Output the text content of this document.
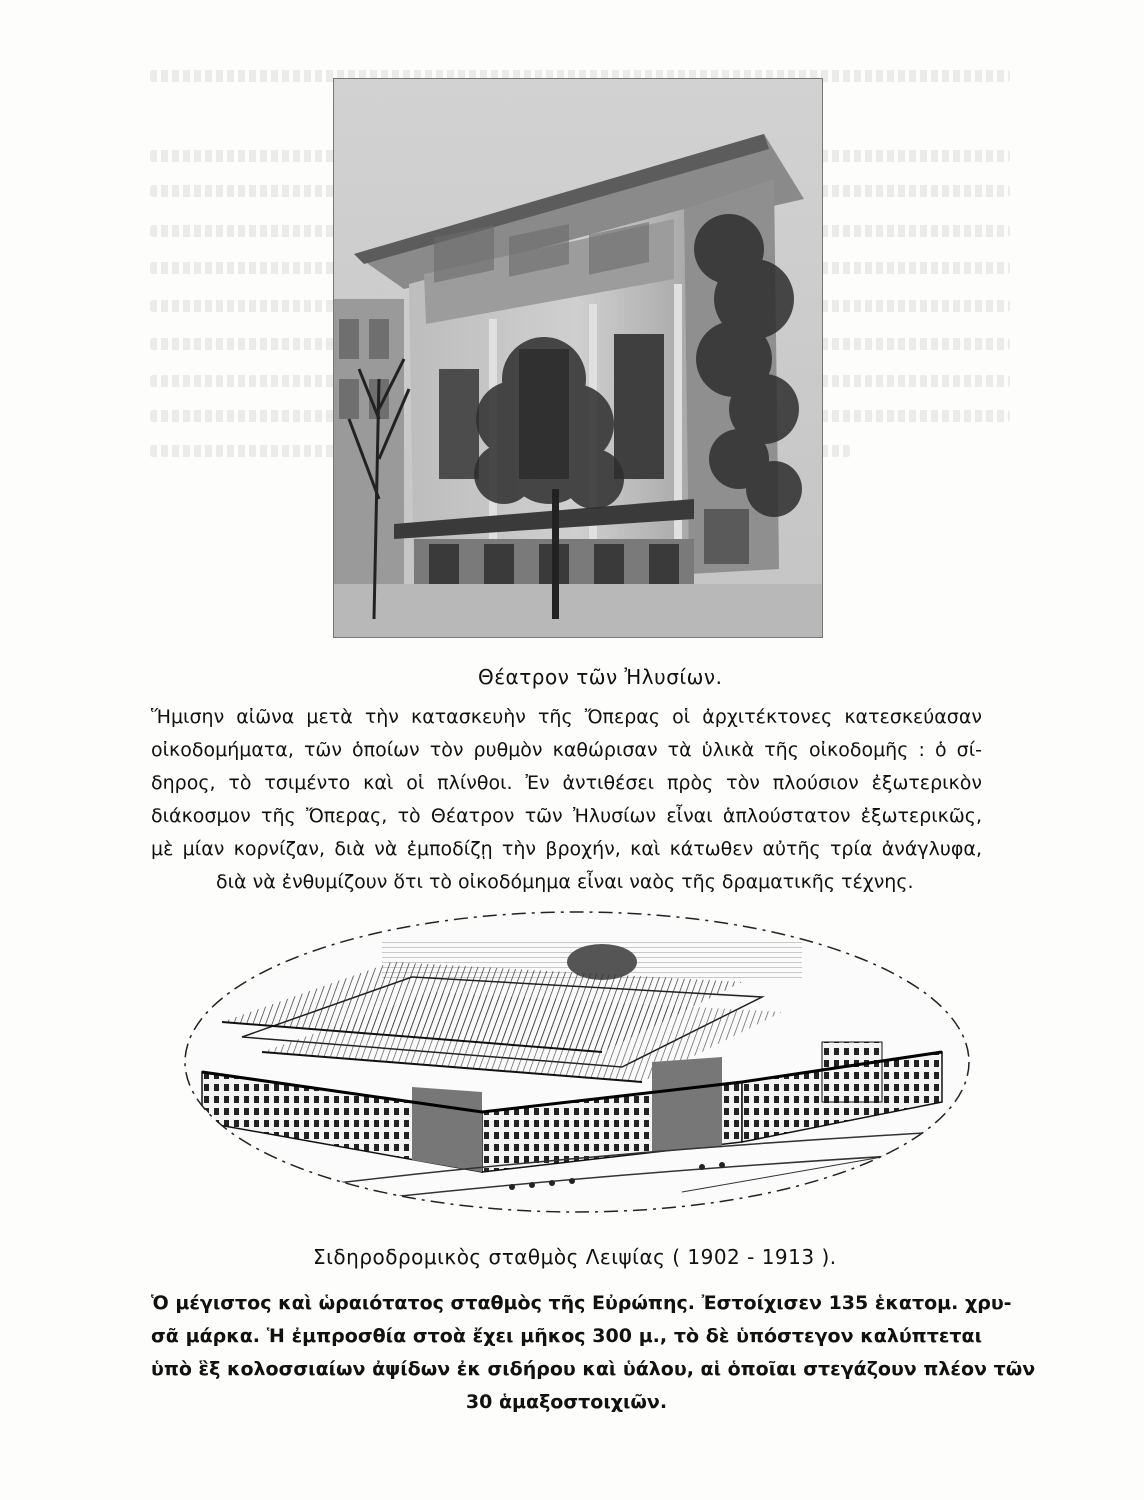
Θέατρον τῶν Ἠλυσίων.
Ἥμισην αἰῶνα μετὰ τὴν κατασκευὴν τῆς Ὄπερας οἱ ἀρχιτέκτονες κατεσκεύασαν
οἰκοδομήματα, τῶν ὁποίων τὸν ρυθμὸν καθώρισαν τὰ ὑλικὰ τῆς οἰκοδομῆς : ὁ σί-
δηρος, τὸ τσιμέντο καὶ οἱ πλίνθοι. Ἐν ἀντιθέσει πρὸς τὸν πλούσιον ἐξωτερικὸν
διάκοσμον τῆς Ὄπερας, τὸ Θέατρον τῶν Ἠλυσίων εἶναι ἁπλούστατον ἐξωτερικῶς,
μὲ μίαν κορνίζαν, διὰ νὰ ἐμποδίζῃ τὴν βροχήν, καὶ κάτωθεν αὐτῆς τρία ἀνάγλυφα,
διὰ νὰ ἐνθυμίζουν ὅτι τὸ οἰκοδόμημα εἶναι ναὸς τῆς δραματικῆς τέχνης.
Σιδηροδρομικὸς σταθμὸς Λειψίας ( 1902 - 1913 ).
Ὁ μέγιστος καὶ ὡραιότατος σταθμὸς τῆς Εὐρώπης. Ἐστοίχισεν 135 ἑκατομ. χρυ-
σᾶ μάρκα. Ἡ ἐμπροσθία στοὰ ἔχει μῆκος 300 μ., τὸ δὲ ὑπόστεγον καλύπτεται
ὑπὸ ἓξ κολοσσιαίων ἀψίδων ἐκ σιδήρου καὶ ὑάλου, αἱ ὁποῖαι στεγάζουν πλέον τῶν
30 ἁμαξοστοιχιῶν.
